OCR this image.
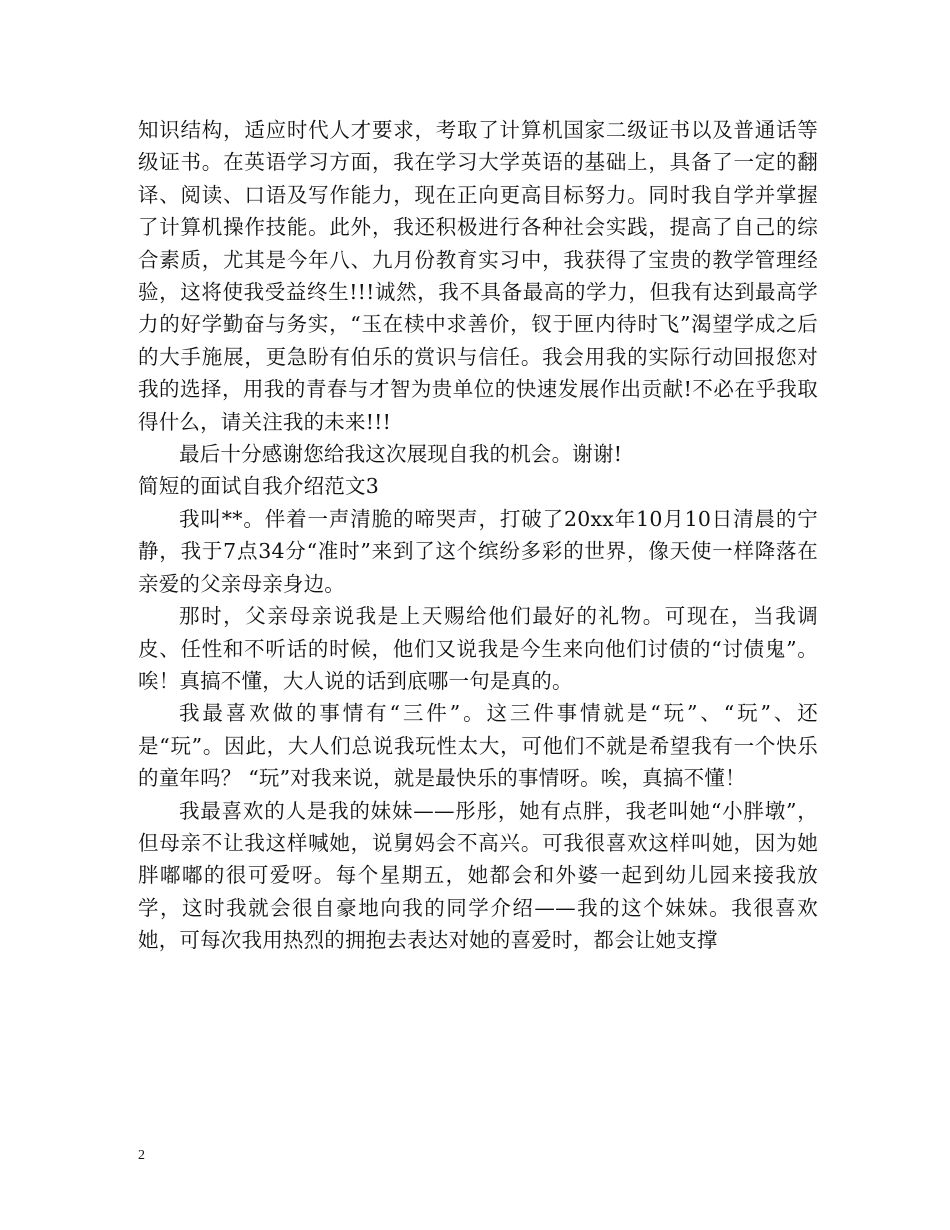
知识结构，适应时代人才要求，考取了计算机国家二级证书以及普通话等级证书。在英语学习方面，我在学习大学英语的基础上，具备了一定的翻译、阅读、口语及写作能力，现在正向更高目标努力。同时我自学并掌握了计算机操作技能。此外，我还积极进行各种社会实践，提高了自己的综合素质，尤其是今年八、九月份教育实习中，我获得了宝贵的教学管理经验，这将使我受益终生!!!诚然，我不具备最高的学力，但我有达到最高学力的好学勤奋与务实，“玉在椟中求善价，钗于匣内待时飞”渴望学成之后的大手施展，更急盼有伯乐的赏识与信任。我会用我的实际行动回报您对我的选择，用我的青春与才智为贵单位的快速发展作出贡献!不必在乎我取得什么，请关注我的未来!!!

最后十分感谢您给我这次展现自我的机会。谢谢!

简短的面试自我介绍范文3

我叫**。伴着一声清脆的啼哭声，打破了20xx年10月10日清晨的宁静，我于7点34分“准时”来到了这个缤纷多彩的世界，像天使一样降落在亲爱的父亲母亲身边。

那时，父亲母亲说我是上天赐给他们最好的礼物。可现在，当我调皮、任性和不听话的时候，他们又说我是今生来向他们讨债的“讨债鬼”。唉！真搞不懂，大人说的话到底哪一句是真的。

我最喜欢做的事情有“三件”。这三件事情就是“玩”、“玩”、还是“玩”。因此，大人们总说我玩性太大，可他们不就是希望我有一个快乐的童年吗？ “玩”对我来说，就是最快乐的事情呀。唉，真搞不懂！

我最喜欢的人是我的妹妹——彤彤，她有点胖，我老叫她“小胖墩”，但母亲不让我这样喊她，说舅妈会不高兴。可我很喜欢这样叫她，因为她胖嘟嘟的很可爱呀。每个星期五，她都会和外婆一起到幼儿园来接我放学，这时我就会很自豪地向我的同学介绍——我的这个妹妹。我很喜欢她，可每次我用热烈的拥抱去表达对她的喜爱时，都会让她支撑

2
